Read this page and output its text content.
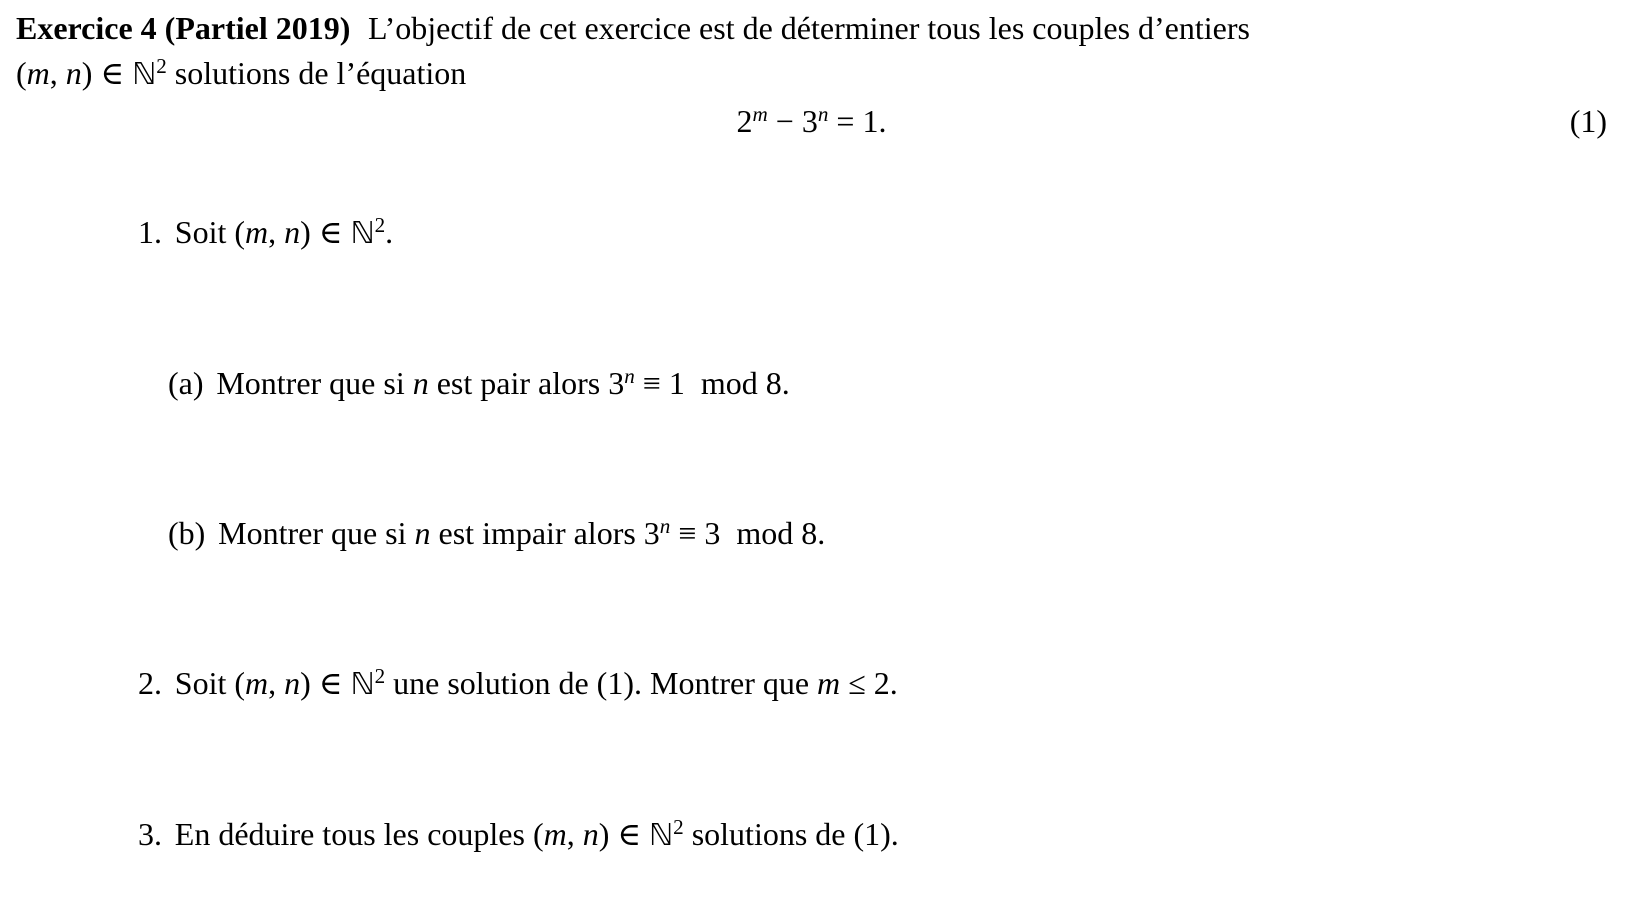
Exercice 4 (Partiel 2019) L’objectif de cet exercice est de déterminer tous les couples d’entiers
(m, n) ∈ ℕ$^2$ solutions de l’équation
$2^m - 3^n = 1$.	(1)

1. Soit (m, n) ∈ ℕ$^2$.

(a) Montrer que si n est pair alors $3^n \equiv 1$  mod 8.

(b) Montrer que si n est impair alors $3^n \equiv 3$  mod 8.

2. Soit (m, n) ∈ ℕ$^2$ une solution de (1). Montrer que m ≤ 2.

3. En déduire tous les couples (m, n) ∈ ℕ$^2$ solutions de (1).
